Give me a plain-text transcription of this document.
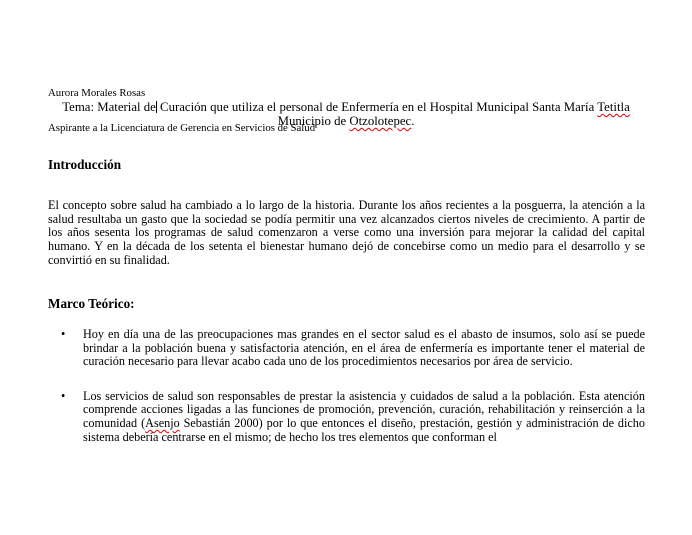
Aurora Morales Rosas

Aspirante a la Licenciatura de Gerencia en Servicios de Salud

Tema: Material de Curación que utiliza el personal de Enfermería en el Hospital Municipal Santa María Tetitla
Municipio de Otzolotepec.
Introducción

El concepto sobre salud ha cambiado a lo largo de la historia. Durante los años recientes a la posguerra, la atención a la salud resultaba un gasto que la sociedad se podía permitir una vez alcanzados ciertos niveles de crecimiento. A partir de los años sesenta los programas de salud comenzaron a verse como una inversión para mejorar la calidad del capital humano. Y en la década de los setenta el bienestar humano dejó de concebirse como un medio para el desarrollo y se convirtió en su finalidad.

Marco Teórico:
•	Hoy en día una de las preocupaciones mas grandes en el sector salud es el abasto de insumos, solo así se puede brindar a la población buena y satisfactoria atención, en el área de enfermería es importante tener el material de curación necesario para llevar acabo cada uno de los procedimientos necesarios por área de servicio.
•	Los servicios de salud son responsables de prestar la asistencia y cuidados de salud a la población. Esta atención comprende acciones ligadas a las funciones de promoción, prevención, curación, rehabilitación y reinserción a la comunidad (Asenjo Sebastián 2000) por lo que entonces el diseño, prestación, gestión y administración de dicho sistema debería centrarse en el mismo; de hecho los tres elementos que conforman el
